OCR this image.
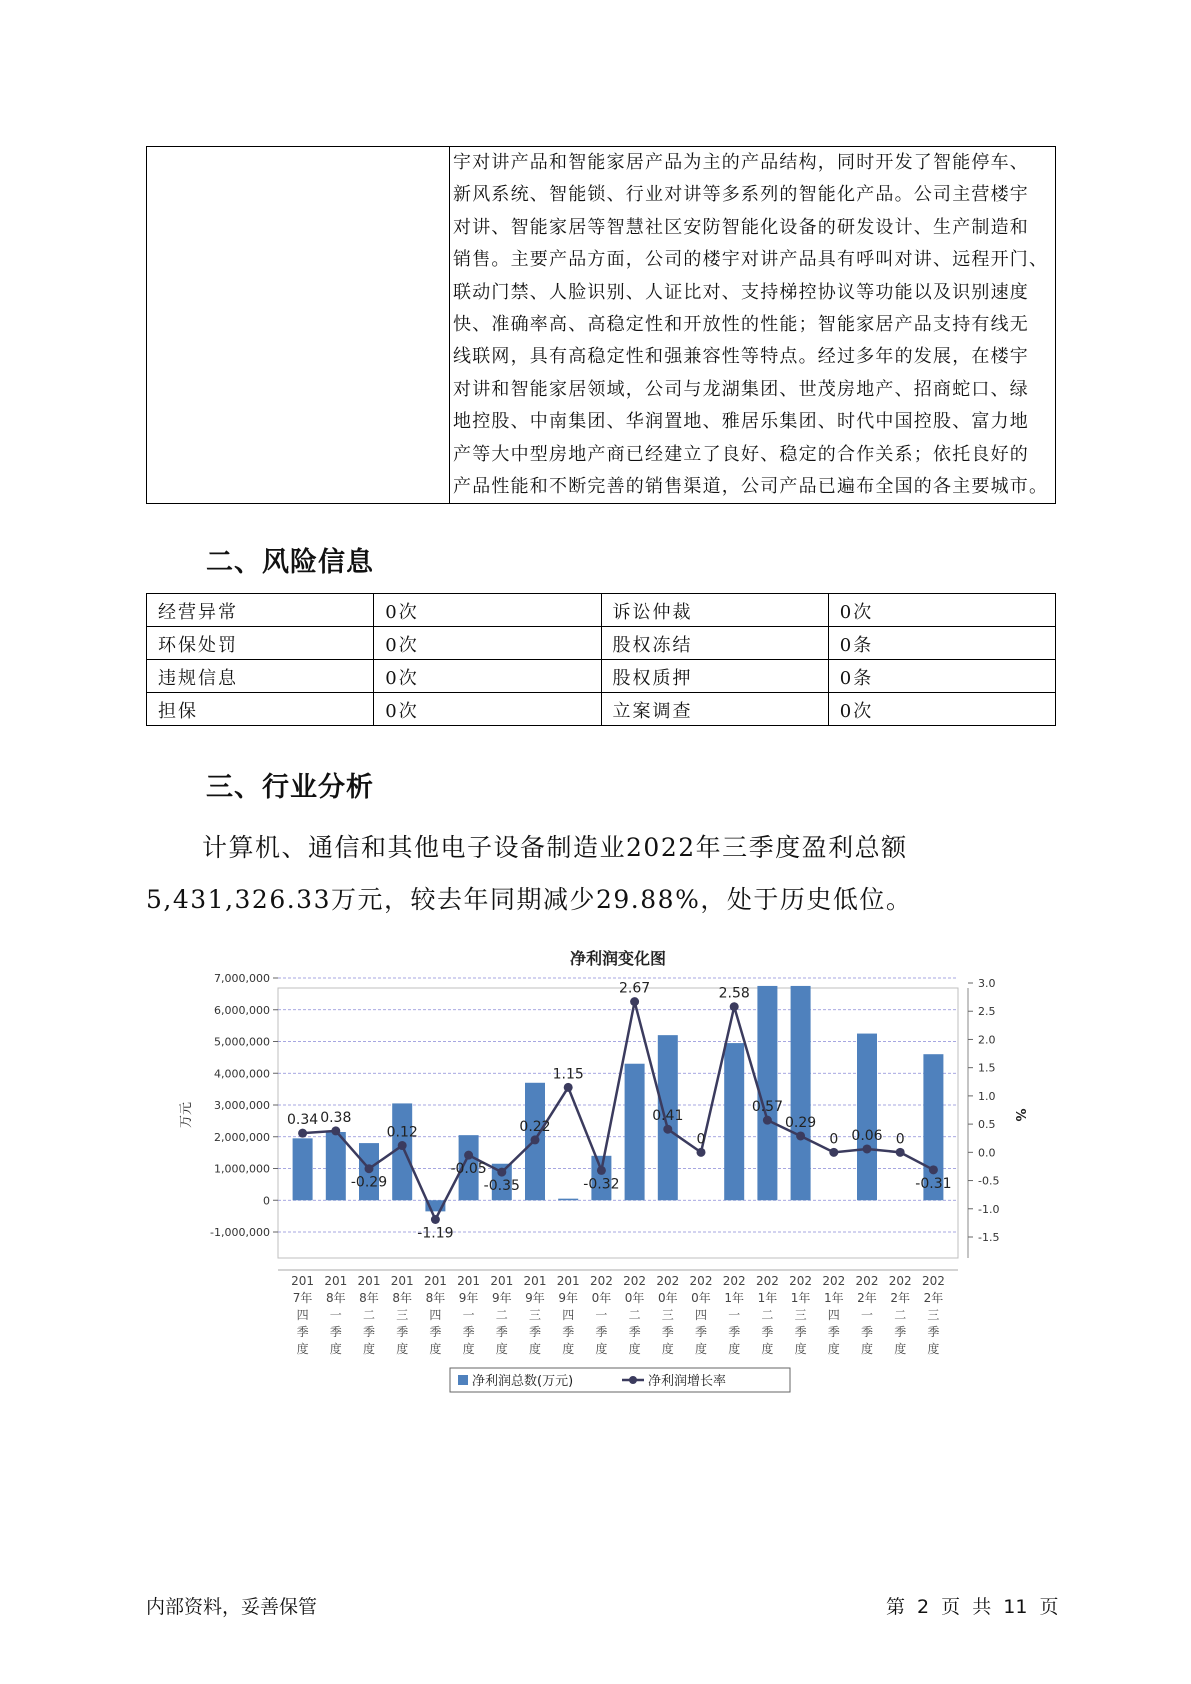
宇对讲产品和智能家居产品为主的产品结构，同时开发了智能停车、
新风系统、智能锁、行业对讲等多系列的智能化产品。公司主营楼宇
对讲、智能家居等智慧社区安防智能化设备的研发设计、生产制造和
销售。主要产品方面，公司的楼宇对讲产品具有呼叫对讲、远程开门、
联动门禁、人脸识别、人证比对、支持梯控协议等功能以及识别速度
快、准确率高、高稳定性和开放性的性能；智能家居产品支持有线无
线联网，具有高稳定性和强兼容性等特点。经过多年的发展，在楼宇
对讲和智能家居领域，公司与龙湖集团、世茂房地产、招商蛇口、绿
地控股、中南集团、华润置地、雅居乐集团、时代中国控股、富力地
产等大中型房地产商已经建立了良好、稳定的合作关系；依托良好的
产品性能和不断完善的销售渠道，公司产品已遍布全国的各主要城市。
二、风险信息
经营异常	0次	诉讼仲裁	0次
环保处罚	0次	股权冻结	0条
违规信息	0次	股权质押	0条
担保	0次	立案调查	0次
三、行业分析
计算机、通信和其他电子设备制造业2022年三季度盈利总额
5,431,326.33万元，较去年同期减少29.88%，处于历史低位。
净利润变化图
7,000,000
6,000,000
5,000,000
4,000,000
3,000,000
2,000,000
1,000,000
0
-1,000,000
3.0
2.5
2.0
1.5
1.0
0.5
0.0
-0.5
-1.0
-1.5
万元	%
0.34 0.38
-0.29
0.12
-1.19
-0.05
-0.35
0.22
1.15
-0.32
2.67
0.41
0
2.58
0.57
0.29
0 0.06 0
-0.31
201
7年
四
季
度
201
8年
一
季
度
201
8年
二
季
度
201
8年
三
季
度
201
8年
四
季
度
201
9年
一
季
度
201
9年
二
季
度
201
9年
三
季
度
201
9年
四
季
度
202
0年
一
季
度
202
0年
二
季
度
202
0年
三
季
度
202
0年
四
季
度
202
1年
一
季
度
202
1年
二
季
度
202
1年
三
季
度
202
1年
四
季
度
202
2年
一
季
度
202
2年
二
季
度
202
2年
三
季
度
净利润总数(万元)	净利润增长率
内部资料，妥善保管	第 2 页 共 11 页
